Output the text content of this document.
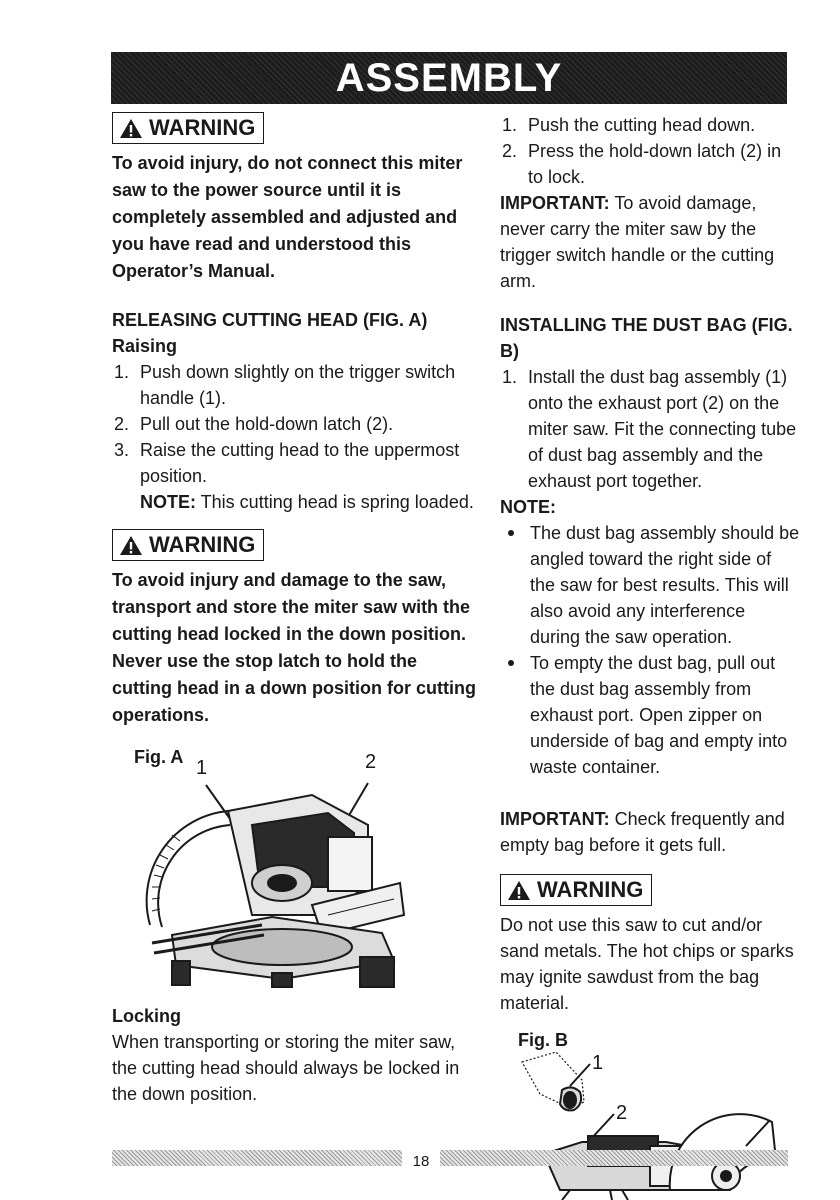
ASSEMBLY
WARNING

To avoid injury, do not connect this miter saw to the power source until it is completely assembled and adjusted and you have read and understood this Operator’s Manual.

RELEASING CUTTING HEAD (FIG. A)

Raising

1. Push down slightly on the trigger switch handle (1).
2. Pull out the hold-down latch (2).
3. Raise the cutting head to the uppermost position.
NOTE: This cutting head is spring loaded.
WARNING

To avoid injury and damage to the saw, transport and store the miter saw with the cutting head locked in the down position. Never use the stop latch to hold the cutting head in a down position for cutting operations.

Fig. A 1	2

Locking

When transporting or storing the miter saw, the cutting head should always be locked in the down position.

1. Push the cutting head down.
2. Press the hold-down latch (2) in to lock.

IMPORTANT: To avoid damage, never carry the miter saw by the trigger switch handle or the cutting arm.

INSTALLING THE DUST BAG (FIG. B)

1. Install the dust bag assembly (1) onto the exhaust port (2) on the miter saw. Fit the connecting tube of dust bag assembly and the exhaust port together.

NOTE:

The dust bag assembly should be angled toward the right side of the saw for best results. This will also avoid any interference during the saw operation.
To empty the dust bag, pull out the dust bag assembly from exhaust port. Open zipper on underside of bag and empty into waste container.

IMPORTANT: Check frequently and empty bag before it gets full.

WARNING

Do not use this saw to cut and/or sand metals. The hot chips or sparks may ignite sawdust from the bag material.

Fig. B
1
2
18
